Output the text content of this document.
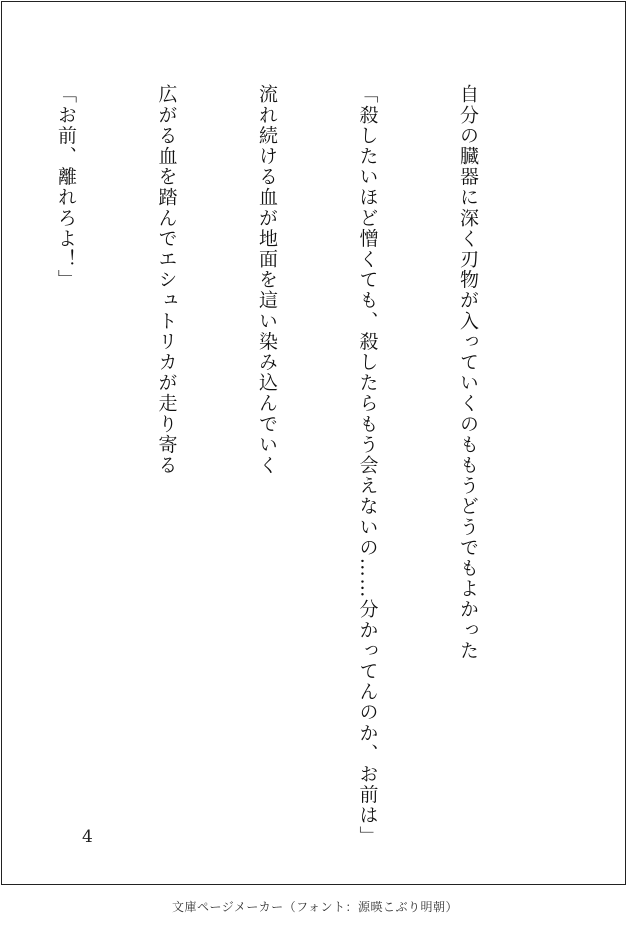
自分の臓器に深く刃物が入っていくのももうどうでもよかった

「殺したいほど憎くても、殺したらもう会えないの……分かってんのか、お前は」

流れ続ける血が地面を這い染み込んでいく

広がる血を踏んでエシュトリカが走り寄る

「お前、離れろよ！」

4
文庫ページメーカー（フォント：源暎こぶり明朝）
